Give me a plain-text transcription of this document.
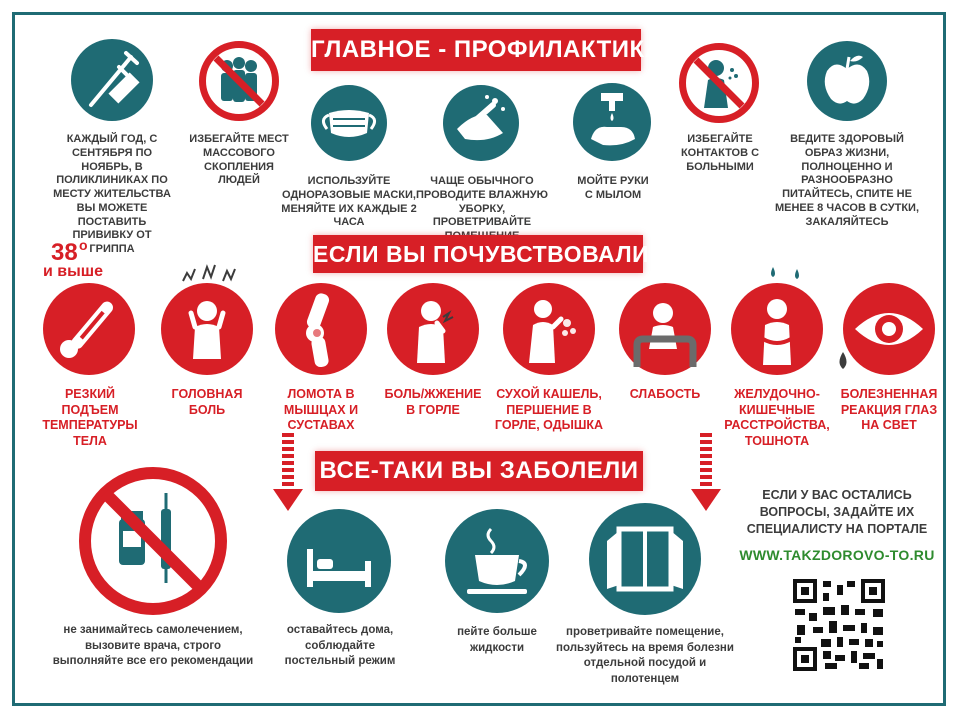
ГЛАВНОЕ - ПРОФИЛАКТИКА
КАЖДЫЙ ГОД, С СЕНТЯБРЯ ПО НОЯБРЬ, В ПОЛИКЛИНИКАХ ПО МЕСТУ ЖИТЕЛЬСТВА ВЫ МОЖЕТЕ ПОСТАВИТЬ ПРИВИВКУ ОТ ГРИППА
ИЗБЕГАЙТЕ МЕСТ МАССОВОГО СКОПЛЕНИЯ ЛЮДЕЙ	ИСПОЛЬЗУЙТЕ ОДНОРАЗОВЫЕ МАСКИ, МЕНЯЙТЕ ИХ КАЖДЫЕ 2 ЧАСА
ЧАЩЕ ОБЫЧНОГО ПРОВОДИТЕ ВЛАЖНУЮ УБОРКУ, ПРОВЕТРИВАЙТЕ
МОЙТЕ РУКИ С МЫЛОМ
ИЗБЕГАЙТЕ КОНТАКТОВ С БОЛЬНЫМИ
ВЕДИТЕ ЗДОРОВЫЙ ОБРАЗ ЖИЗНИ, ПОЛНОЦЕННО И РАЗНООБРАЗНО ПИТАЙТЕСЬ, СПИТЕ НЕ МЕНЕЕ 8 ЧАСОВ В СУТКИ, ЗАКАЛЯЙТЕСЬ
ЕСЛИ ВЫ ПОЧУВСТВОВАЛИ:
38 о
и выше
РЕЗКИЙ ПОДЪЕМ ТЕМПЕРАТУРЫ ТЕЛА
ГОЛОВНАЯ БОЛЬ
ЛОМОТА В МЫШЦАХ И СУСТАВАХ
БОЛЬ/ЖЖЕНИЕ В ГОРЛЕ
СУХОЙ КАШЕЛЬ, ПЕРШЕНИЕ В ГОРЛЕ, ОДЫШКА
СЛАБОСТЬ	ЖЕЛУДОЧНО-КИШЕЧНЫЕ РАССТРОЙСТВА, ТОШНОТА
БОЛЕЗНЕННАЯ РЕАКЦИЯ ГЛАЗ НА СВЕТ
ВСЕ-ТАКИ ВЫ ЗАБОЛЕЛИ
не занимайтесь самолечением, вызовите врача, строго выполняйте все его рекомендации
оставайтесь дома, соблюдайте постельный режим
пейте больше жидкости
проветривайте помещение, пользуйтесь на время болезни отдельной посудой и полотенцем
ЕСЛИ У ВАС ОСТАЛИСЬ ВОПРОСЫ, ЗАДАЙТЕ ИХ СПЕЦИАЛИСТУ НА ПОРТАЛЕ
WWW.TAKZDOROVO-TO.RU
